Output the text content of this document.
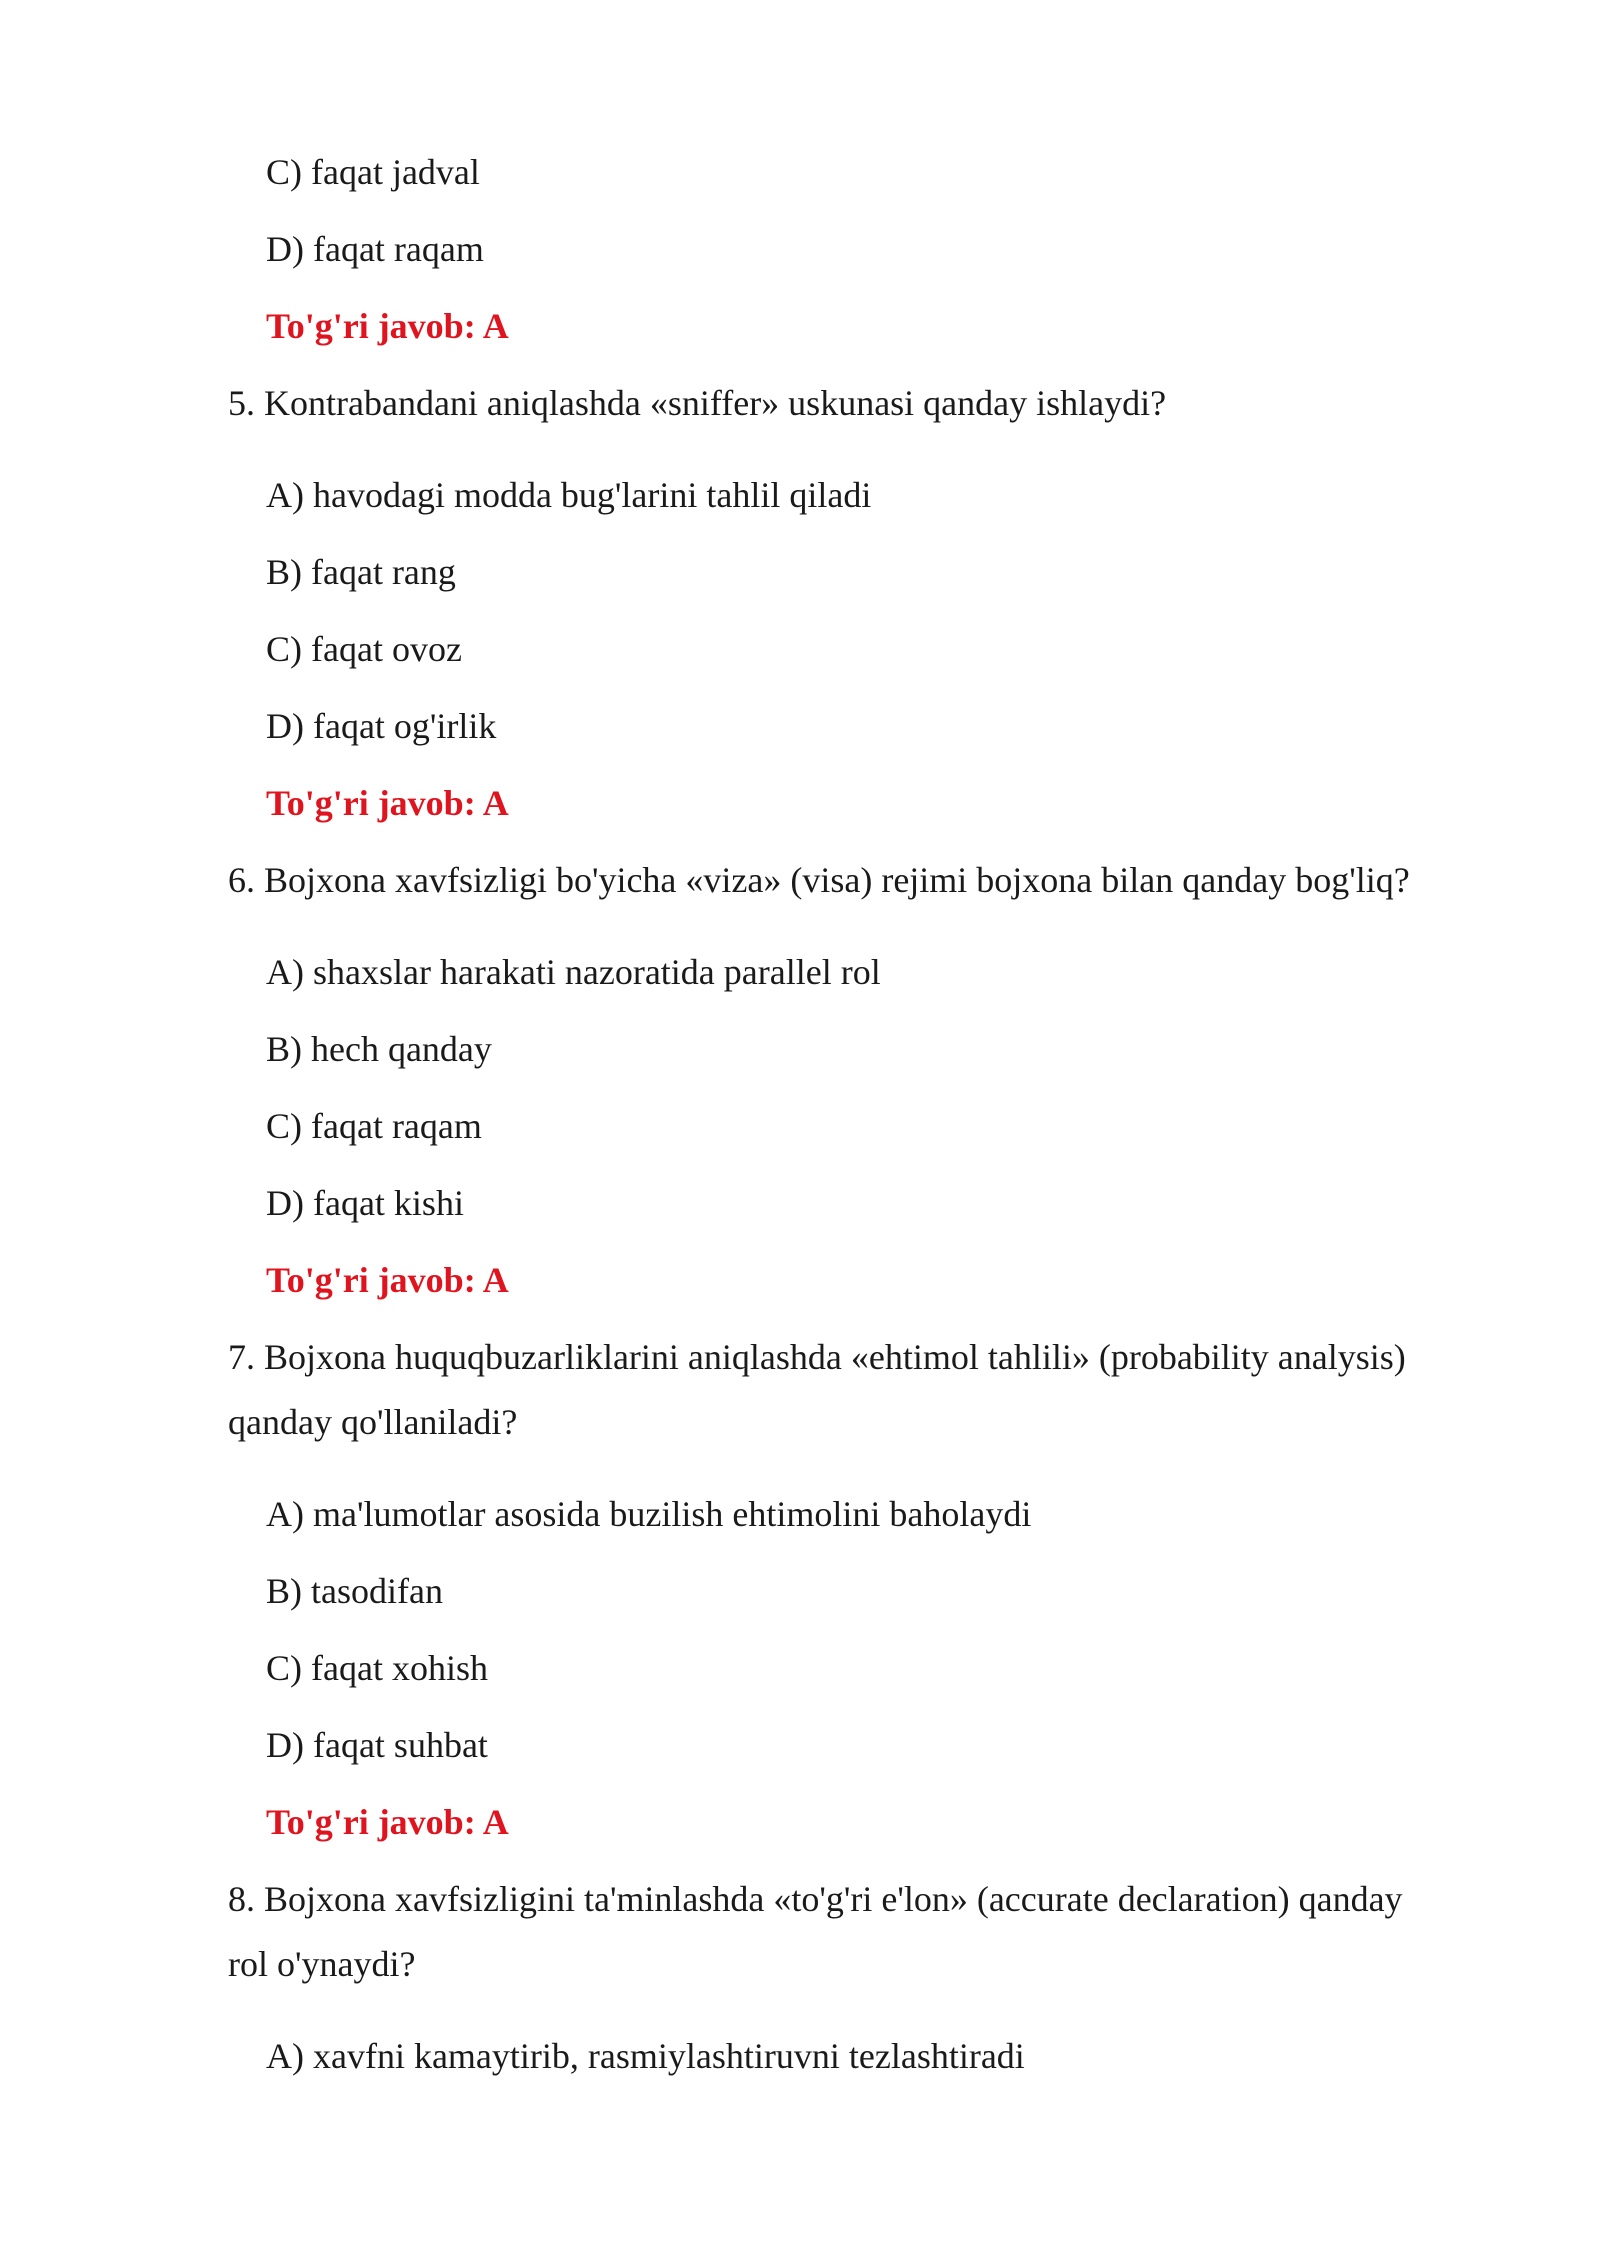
C) faqat jadval
D) faqat raqam
To'g'ri javob: A
5. Kontrabandani aniqlashda «sniffer» uskunasi qanday ishlaydi?
A) havodagi modda bug'larini tahlil qiladi
B) faqat rang
C) faqat ovoz
D) faqat og'irlik
To'g'ri javob: A
6. Bojxona xavfsizligi bo'yicha «viza» (visa) rejimi bojxona bilan qanday bog'liq?
A) shaxslar harakati nazoratida parallel rol
B) hech qanday
C) faqat raqam
D) faqat kishi
To'g'ri javob: A
7. Bojxona huquqbuzarliklarini aniqlashda «ehtimol tahlili» (probability analysis)
qanday qo'llaniladi?
A) ma'lumotlar asosida buzilish ehtimolini baholaydi
B) tasodifan
C) faqat xohish
D) faqat suhbat
To'g'ri javob: A
8. Bojxona xavfsizligini ta'minlashda «to'g'ri e'lon» (accurate declaration) qanday
rol o'ynaydi?
A) xavfni kamaytirib, rasmiylashtiruvni tezlashtiradi
